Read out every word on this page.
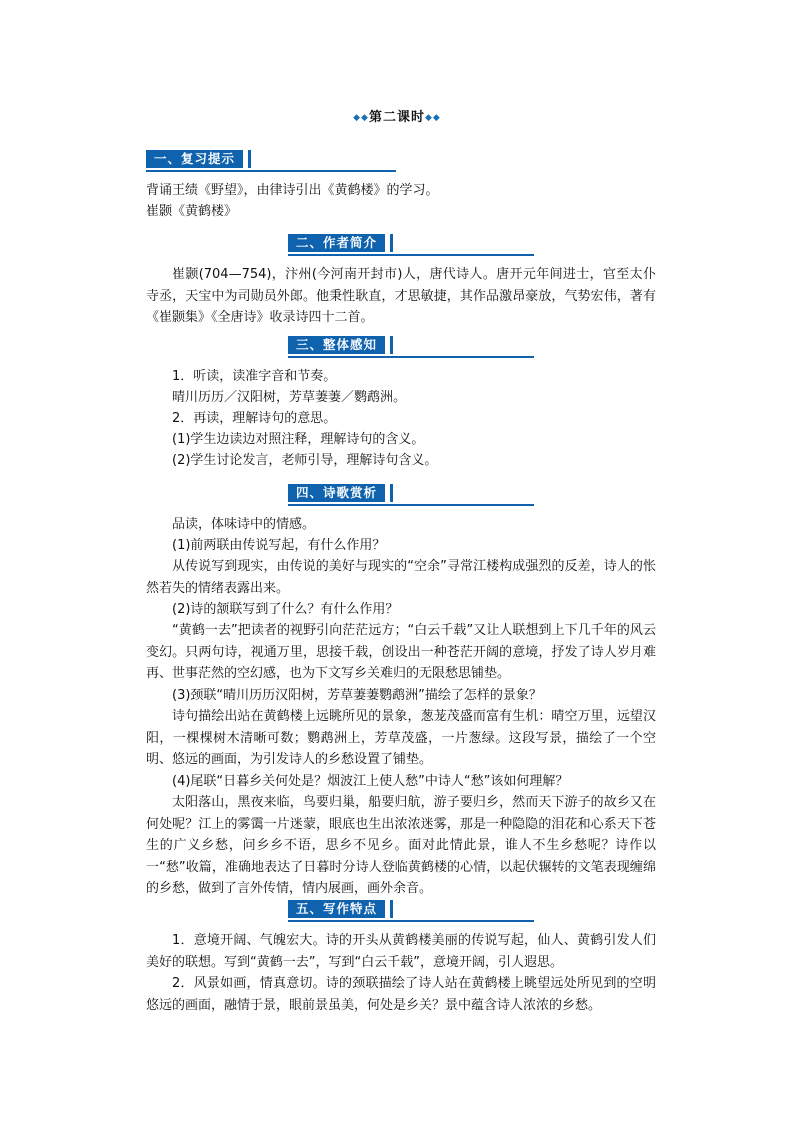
◆◆第二课时◆◆
一、复习提示

背诵王绩《野望》，由律诗引出《黄鹤楼》的学习。

崔颢《黄鹤楼》

二、作者简介

崔颢(704—754)，汴州(今河南开封市)人，唐代诗人。唐开元年间进士，官至太仆寺丞，天宝中为司勋员外郎。他秉性耿直，才思敏捷，其作品激昂豪放，气势宏伟，著有《崔颢集》《全唐诗》收录诗四十二首。

三、整体感知

1．听读，读准字音和节奏。

晴川历历／汉阳树，芳草萋萋／鹦鹉洲。

2．再读，理解诗句的意思。

(1)学生边读边对照注释，理解诗句的含义。

(2)学生讨论发言，老师引导，理解诗句含义。

四、诗歌赏析

品读，体味诗中的情感。

(1)前两联由传说写起，有什么作用？

从传说写到现实，由传说的美好与现实的“空余”寻常江楼构成强烈的反差，诗人的怅然若失的情绪表露出来。

(2)诗的颔联写到了什么？有什么作用？

“黄鹤一去”把读者的视野引向茫茫远方；“白云千载”又让人联想到上下几千年的风云变幻。只两句诗，视通万里，思接千载，创设出一种苍茫开阔的意境，抒发了诗人岁月难再、世事茫然的空幻感，也为下文写乡关难归的无限愁思铺垫。

(3)颈联“晴川历历汉阳树，芳草萋萋鹦鹉洲”描绘了怎样的景象？

诗句描绘出站在黄鹤楼上远眺所见的景象，葱茏茂盛而富有生机：晴空万里，远望汉阳，一棵棵树木清晰可数；鹦鹉洲上，芳草茂盛，一片葱绿。这段写景，描绘了一个空明、悠远的画面，为引发诗人的乡愁设置了铺垫。

(4)尾联“日暮乡关何处是？烟波江上使人愁”中诗人“愁”该如何理解？

太阳落山，黑夜来临，鸟要归巢，船要归航，游子要归乡，然而天下游子的故乡又在何处呢？江上的雾霭一片迷蒙，眼底也生出浓浓迷雾，那是一种隐隐的泪花和心系天下苍生的广义乡愁，问乡乡不语，思乡不见乡。面对此情此景，谁人不生乡愁呢？诗作以一“愁”收篇，准确地表达了日暮时分诗人登临黄鹤楼的心情，以起伏辗转的文笔表现缠绵的乡愁，做到了言外传情，情内展画，画外余音。

五、写作特点

1．意境开阔、气魄宏大。诗的开头从黄鹤楼美丽的传说写起，仙人、黄鹤引发人们美好的联想。写到“黄鹤一去”，写到“白云千载”，意境开阔，引人遐思。

2．风景如画，情真意切。诗的颈联描绘了诗人站在黄鹤楼上眺望远处所见到的空明悠远的画面，融情于景，眼前景虽美，何处是乡关？景中蕴含诗人浓浓的乡愁。
